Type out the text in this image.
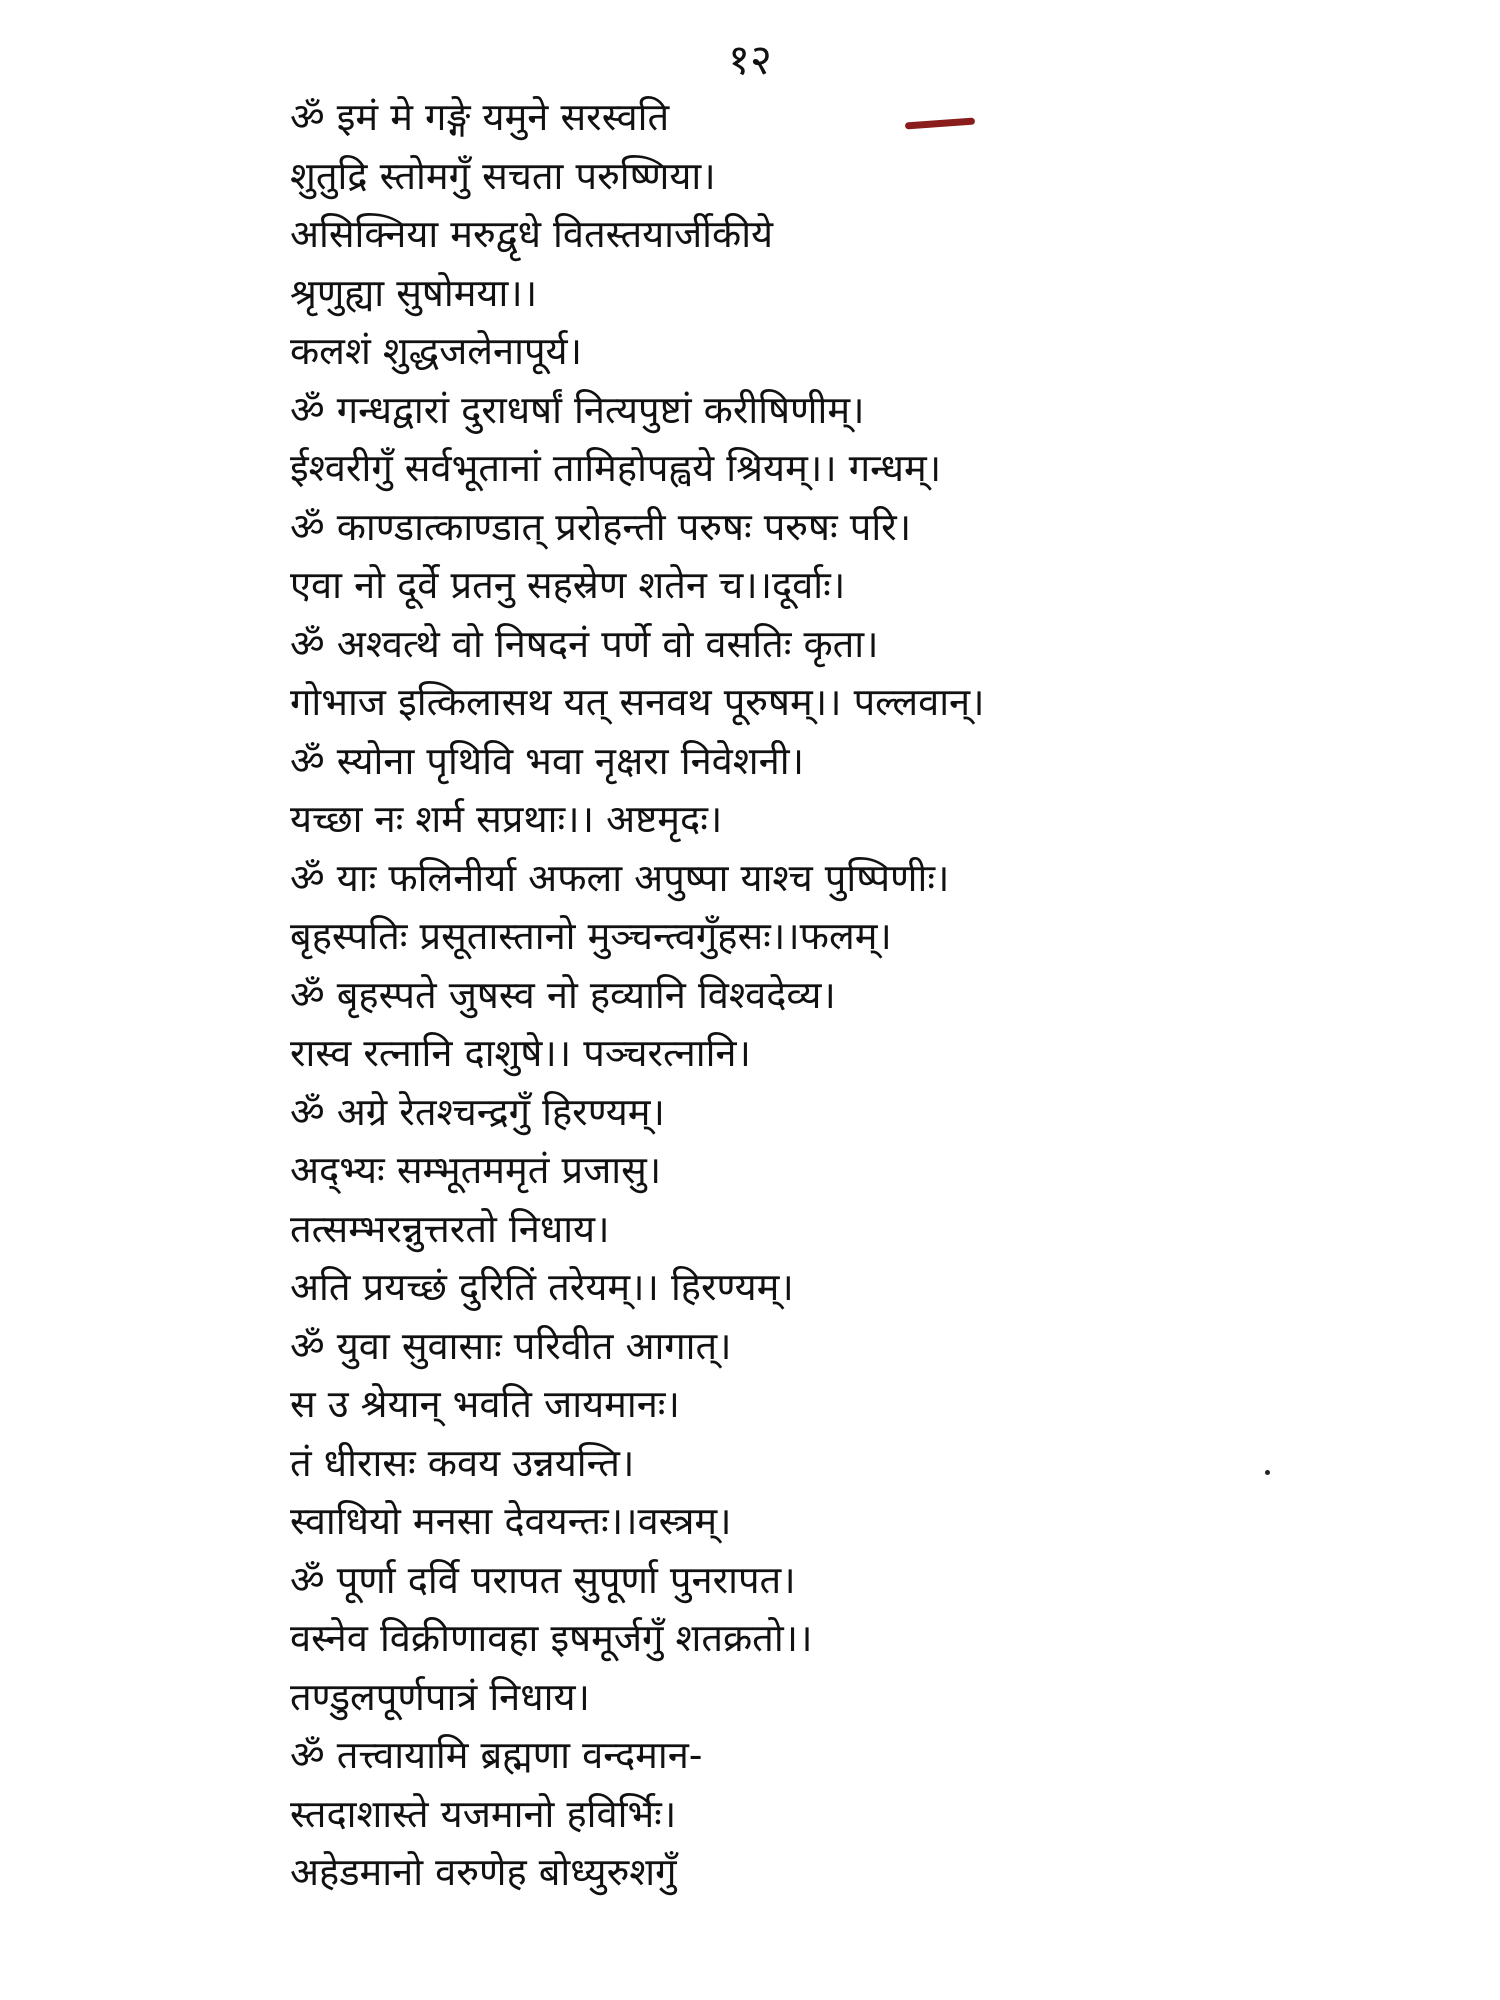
१२
ॐ इमं मे गङ्गे यमुने सरस्वति
शुतुद्रि स्तोमगुँ सचता परुष्णिया।
असिक्निया मरुद्वृधे वितस्तयार्जीकीये
श्रृणुह्या सुषोमया।।
कलशं शुद्धजलेनापूर्य।
ॐ गन्धद्वारां दुराधर्षां नित्यपुष्टां करीषिणीम्।
ईश्वरीगुँ सर्वभूतानां तामिहोपह्वये श्रियम्।। गन्धम्।
ॐ काण्डात्काण्डात् प्ररोहन्ती परुषः परुषः परि।
एवा नो दूर्वे प्रतनु सहस्रेण शतेन च।।दूर्वाः।
ॐ अश्वत्थे वो निषदनं पर्णे वो वसतिः कृता।
गोभाज इत्किलासथ यत् सनवथ पूरुषम्।। पल्लवान्।
ॐ स्योना पृथिवि भवा नृक्षरा निवेशनी।
यच्छा नः शर्म सप्रथाः।। अष्टमृदः।
ॐ याः फलिनीर्या अफला अपुष्पा याश्च पुष्पिणीः।
बृहस्पतिः प्रसूतास्तानो मुञ्चन्त्वगुँहसः।।फलम्।
ॐ बृहस्पते जुषस्व नो हव्यानि विश्वदेव्य।
रास्व रत्नानि दाशुषे।। पञ्चरत्नानि।
ॐ अग्रे रेतश्चन्द्रगुँ हिरण्यम्।
अद्भ्यः सम्भूतममृतं प्रजासु।
तत्सम्भरन्नुत्तरतो निधाय।
अति प्रयच्छं दुरितिं तरेयम्।। हिरण्यम्।
ॐ युवा सुवासाः परिवीत आगात्।
स उ श्रेयान् भवति जायमानः।
तं धीरासः कवय उन्नयन्ति।
स्वाधियो मनसा देवयन्तः।।वस्त्रम्।
ॐ पूर्णा दर्वि परापत सुपूर्णा पुनरापत।
वस्नेव विक्रीणावहा इषमूर्जगुँ शतक्रतो।।
तण्डुलपूर्णपात्रं निधाय।
ॐ तत्त्वायामि ब्रह्मणा वन्दमान-
स्तदाशास्ते यजमानो हविर्भिः।
अहेडमानो वरुणेह बोध्युरुशगुँ
